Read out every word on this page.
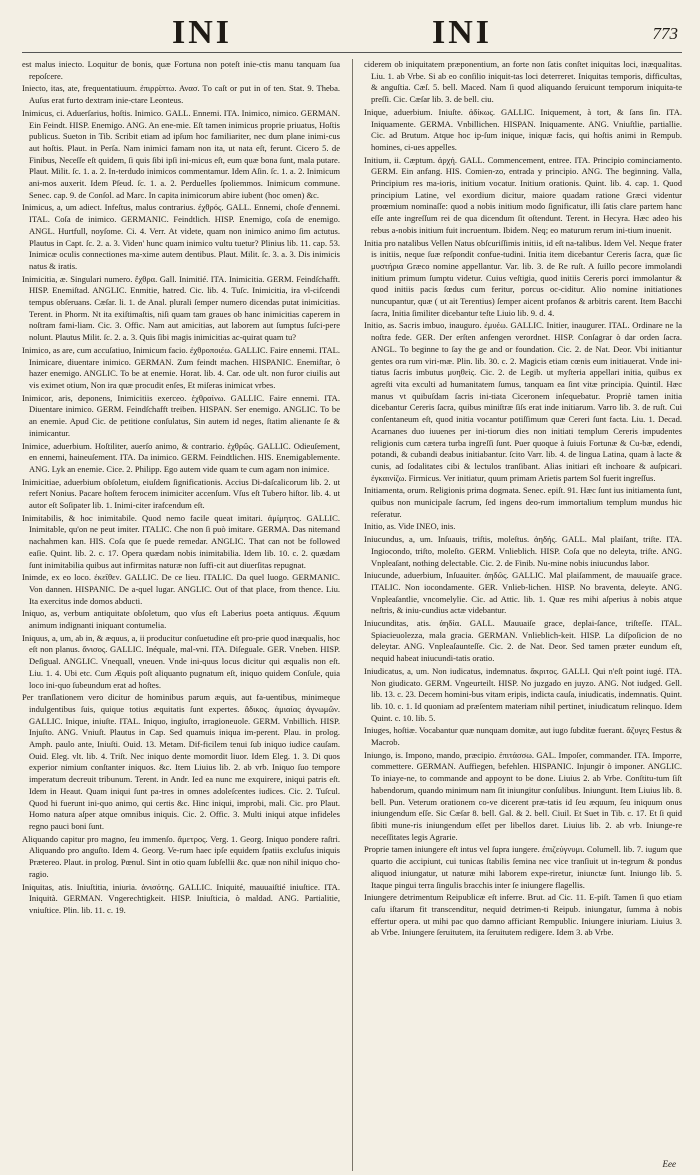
INI	INI	773

est malus iniecto. Loquitur de bonis, quæ Fortuna non poteſt inie-ctis manu tanquam ſua repoſcere.

Iniecto, itas, ate, frequentatiuum. ἐπιρρίπτω. Ανασ. Τo caſt or put in of ten. Stat. 9. Theba. Auſus erat furto dextram inie-ctare Leonteus.

Inimicus, ci. Aduerſarius, hoſtis. Inimico. GALL. Ennemi. ITA. Inimico, nimico. GERMAN. Ein Feindt. HISP. Enemigo. ANG. An ene-mie. Eſt tamen inimicus proprie priuatus, Hoſtis publicus. Sueton in Tib. Scribit etiam ad ipſum hoc familiariter, nec dum plane inimi-cus aut hoſtis. Plaut. in Perſa. Nam inimici famam non ita, ut nata eſt, ferunt. Cicero 5. de Finibus, Neceſſe eſt quidem, ſi quis ſibi ipſi ini-micus eſt, eum quæ bona ſunt, mala putare. Plaut. Milit. ſc. 1. a. 2. In-terdudo inimicos commentamur. Idem Aſin. ſc. 1. a. 2. Inimicum ani-mos auxerit. Idem Pſeud. ſc. 1. a. 2. Perduelles ſpoliemmos. Inimicum commune. Senec. cap. 9. de Conſol. ad Marc. In capita inimicorum abire iubent (hoc omen) &c.

Inimicus, a, um adiect. Infeſtus, malus contrarius. ἐχθρός. GALL. Ennemi, choſe d'ennemi. ITAL. Coſa de inimico. GERMANIC. Feindtlich. HISP. Enemigo, coſa de enemigo. ANGL. Hurtfull, noyſome. Ci. 4. Verr. At videte, quam non inimico animo ſim actutus. Plautus in Capt. ſc. 2. a. 3. Viden' hunc quam inimico vultu tuetur? Plinius lib. 11. cap. 53. Inimicæ oculis connectiones ma-xime autem dentibus. Plaut. Milit. ſc. 3. a. 3. Dis inimicis natus & iratis.

Inimicitia, æ. Singulari numero. ἔχθρα. Gall. Inimitié. ITA. Inimicitia. GERM. Feindſchafft. HISP. Enemiſtad. ANGLIC. Enmitie, hatred. Cic. lib. 4. Tuſc. Inimicitia, ira vl-ciſcendi tempus obſeruans. Cæſar. li. 1. de Anal. plurali ſemper numero dicendas putat inimicitias. Terent. in Phorm. Nt ita exiſtimaſtis, niſi quam tam graues ob hanc inimicitias caperem in noſtram fami-liam. Cic. 3. Offic. Nam aut amicitias, aut laborem aut ſumptus ſuſci-pere nolunt. Plautus Milit. ſc. 2. a. 3. Quis ſibi magis inimicitias ac-quirat quam tu?

Inimico, as are, cum accuſatiuo, Inimicum facio. ἐχθροποιέω. GALLIC. Faire ennemi. ITAL. Inimicare, diuentare inimico. GERMAN. Zum feindt machen. HISPANIC. Enemiſtar, ò hazer enemigo. ANGLIC. To be at enemie. Horat. lib. 4. Car. ode ult. non furor ciuilis aut vis eximet otium, Non ira quæ procudit enſes, Et miſeras inimicat vrbes.

Inimicor, aris, deponens, Inimicitiis exerceo. ἐχθραίνω. GALLIC. Faire ennemi. ITA. Diuentare inimico. GERM. Feindſchafft treiben. HISPAN. Ser enemigo. ANGLIC. To be an enemie. Apud Cic. de petitione conſulatus, Sin autem id neges, ſtatim alienante ſe & inimicantur.

Inimice, aduerbium. Hoſtiliter, auerſo animo, & contrario. ἐχθρῶς. GALLIC. Odieuſement, en ennemi, haineuſement. ITA. Da inimico. GERM. Feindtlichen. HIS. Enemigablemente. ANG. Lyk an enemie. Cice. 2. Philipp. Ego autem vide quam te cum agam non inimice.

Inimicitiae, aduerbium obſoletum, eiuſdem ſignificationis. Accius Di-daſcalicorum lib. 2. ut refert Nonius. Pacare hoſtem ferocem inimiciter accenſum. Vſus eſt Tubero hiſtor. lib. 4. ut autor eſt Soſipater lib. 1. Inimi-citer irafcendum eſt.

Inimitabilis, & hoc inimitabile. Quod nemo facile queat imitari. ἀμίμητος. GALLIC. Inimitable, qu'on ne peut imiter. ITALIC. Che non ſi può imitare. GERMA. Das nitemand nachahmen kan. HIS. Coſa que ſe puede remedar. ANGLIC. That can not be followed eaſie. Quint. lib. 2. c. 17. Opera quædam nobis inimitabilia. Idem lib. 10. c. 2. quædam ſunt inimitabilia quibus aut infirmitas naturæ non ſuffi-cit aut diuerſitas repugnat.

Inimde, ex eo loco. ἐκεῖθεν. GALLIC. De ce lieu. ITALIC. Da quel luogo. GERMANIC. Von dannen. HISPANIC. De a-quel lugar. ANGLIC. Out of that place, from thence. Liu. Ita exercitus inde domos abducti.

Iniquo, as, verbum antiquitate obſoletum, quo vſus eſt Laberius poeta antiquus. Æquum animum indignanti iniquant contumelia.

Iniquus, a, um, ab in, & æquus, a, ii producitur conſuetudine eſt pro-prie quod inæqualis, hoc eſt non planus. ἄνισος. GALLIC. Inéquale, mal-vni. ITA. Diſeguale. GER. Vneben. HISP. Deſigual. ANGLIC. Vnequall, vneuen. Vnde ini-quus locus dicitur qui æqualis non eſt. Liu. 1. 4. Ubi etc. Cum Æquis poſt aliquanto pugnatum eſt, iniquo quidem Conſule, quia loco ini-quo ſubeundum erat ad hoſtes.

Per tranſlationem vero dicitur de hominibus parum æquis, aut fa-uentibus, minimeque indulgentibus ſuis, quique totius æquitatis ſunt expertes. ἄδικος. ἀμιαίας ἀγνωμῶν. GALLIC. Inique, iniuſte. ITAL. Iniquo, ingiuſto, irragioneuole. GERM. Vnbillich. HISP. Injuſto. ANG. Vniuſt. Plautus in Cap. Sed quamuis iniqua im-perent. Plau. in prolog. Amph. paulo ante, Iniuſti. Ouid. 13. Metam. Dif-ficilem tenui ſub iniquo iudice cauſam. Ouid. Eleg. vlt. lib. 4. Triſt. Nec iniquo dente momordit liuor. Idem Eleg. 1. 3. Di quos experior nimium conſtanter iniquos. &c. Item Liuius lib. 2. ab vrb. Iniquo ſuo tempore imperatum decreuit tribunum. Terent. in Andr. Ied ea nunc me exquirere, iniqui patris eſt. Idem in Heaut. Quam iniqui ſunt pa-tres in omnes adoleſcentes iudices. Cic. 2. Tuſcul. Quod hi fuerunt ini-quo animo, qui certis &c. Hinc iniqui, improbi, mali. Cic. pro Plaut. Homo natura aſper atque omnibus iniquis. Cic. 2. Offic. 3. Multi iniqui atque infideles regno pauci boni ſunt.

Aliquando capitur pro magno, ſeu immenſo. ἄμετρος. Verg. 1. Georg. Iniquo pondere raſtri. Aliquando pro anguſto. Idem 4. Georg. Ve-rum haec ipſe equidem ſpatiis excluſus iniquis Prætereo. Plaut. in prolog. Pœnul. Sint in otio quam ſubſellii &c. quæ non nihil iniquo cho-ragio.

Iniquitas, atis. Iniuſtitia, iniuria. ἀνισότης. GALLIC. Iniquité, mauuaiſtié iniuſtice. ITA. Iniquità. GERMAN. Vngerechtigkeit. HISP. Iniuſticia, ò maldad. ANG. Partialitie, vniuſtice. Plin. lib. 11. c. 19.

ciderem ob iniquitatem præponentium, an forte non ſatis conſtet iniquitas loci, inæqualitas. Liu. 1. ab Vrbe. Si ab eo conſilio iniquit-tas loci deterreret. Iniquitas temporis, difficultas, & anguſtia. Cæſ. 5. bell. Maced. Nam ſi quod aliquando ſeruicunt temporum iniquita-te preſſi. Cic. Cæſar lib. 3. de bell. ciu.

Inique, aduerbium. Iniuſte. ἀδίκως. GALLIC. Iniquement, à tort, & ſans ſin. ITA. Iniquamente. GERMA. Vnbillichen. HISPAN. Iniquamente. ANG. Vniuſtlie, partiallie. Cic. ad Brutum. Atque hoc ip-ſum inique, iniquæ facis, qui hoſtis animi in Rempub. homines, ci-ues appelles.

Initium, ii. Cæptum. ἀρχή. GALL. Commencement, entree. ITA. Principio cominciamento. GERM. Ein anfang. HIS. Comien-zo, entrada y principio. ANG. The beginning. Valla, Principium res ma-ioris, initium vocatur. Initium orationis. Quint. lib. 4. cap. 1. Quod principium Latine, vel exordium dicitur, maiore quadam ratione Græci videntur proœmium nominaſſe: quod a nobis initium modo ſignificatur, illi ſatis clare partem hanc eſſe ante ingreſſum rei de qua dicendum ſit oſtendunt. Terent. in Hecyra. Hæc adeo his rebus a-nobis initium fuit incruentum. Ibidem. Neq; eo maturum rerum ini-tium inuenit.

Initia pro natalibus Vellen Natus obſcuriſſimis initiis, id eſt na-talibus. Idem Vel. Neque frater is initiis, neque ſuæ reſpondit confue-tudini. Initia item dicebantur Cereris ſacra, quæ ſic μυστήρια Græco nomine appellantur. Var. lib. 3. de Re ruſt. A ſuillo pecore immolandi initium primum ſumptu videtur. Cuius veſtigia, quod initiis Cereris porci immolantur & quod initiis pacis ſœdus cum feritur, porcus oc-ciditur. Alio nomine initiationes nuncupantur, quæ ( ut ait Terentius) ſemper aicent profanos & arbitris carent. Item Bacchi ſacra, Initia ſimiliter dicebantur teſte Liuio lib. 9. d. 4.

Initio, as. Sacris imbuo, inauguro. ἐμυέω. GALLIC. Initier, inaugurer. ITAL. Ordinare ne la noſtra fede. GER. Der erſten anfengen verordnet. HISP. Conſagrar ò dar orden ſacra. ANGL. To beginne to ſay the ge and or foundation. Cic. 2. de Nat. Deor. Vbi initiantur gentes ora rum viri-mæ. Plin. lib. 30. c. 2. Magicis etiam cœnis eum initiauerat. Vnde ini-tiatus ſacris imbutus μυηθεὶς. Cic. 2. de Legib. ut myſteria appellari initia, quibus ex agreſti vita exculti ad humanitatem ſumus, tanquam ea ſint vitæ principia. Quintil. Hæc manus vt quibuſdam ſacris ini-tiata Ciceronem inſequebatur. Propriè tamen initia dicebantur Cereris ſacra, quibus miniſtræ ſiſs erat inde initiarum. Varro lib. 3. de ruſt. Cui conſentaneum eſt, quod initia vocantur potiſſimum quæ Cereri ſunt facta. Liu. 1. Decad. Acarnanes duo iuuenes per ini-tiorum dies non initiati templum Cereris impudentes religionis cum cætera turba ingreſſi ſunt. Puer quoque à ſuiuis Fortunæ & Cu-bæ, edendi, potandi, & cubandi deabus initiabantur. ſcito Varr. lib. 4. de lingua Latina, quam à lacte & cunis, ad ſodalitates cibi & lectulos tranſibant. Alias initiari eſt inchoare & auſpicari. ἐγκαινίζω. Firmicus. Ver initiatur, quum primam Arietis partem Sol fuerit ingreſſus.

Initiamenta, orum. Religionis prima dogmata. Senec. epiſt. 91. Hæc ſunt ius initiamenta ſunt, quibus non municipale ſacrum, ſed ingens deo-rum immortalium templum mundus hic reſeratur.

Initio, as. Vide INEO, inis.

Iniucundus, a, um. Inſuauis, triſtis, moleſtus. ἀηδής. GALL. Mal plaiſant, triſte. ITA. Ingiocondo, triſto, moleſto. GERM. Vnlieblich. HISP. Coſa que no deleyta, triſte. ANG. Vnpleaſant, nothing delectable. Cic. 2. de Finib. Nu-mine nobis iniucundus labor.

Iniucunde, aduerbium, Inſuauiter. ἀηδῶς. GALLIC. Mal plaiſamment, de mauuaiſe grace. ITALIC. Non iocondamente. GER. Vnlieb-lichen. HISP. No braventa, deleyte. ANG. Vnpleaſantlie, vncomelylie. Cic. ad Attic. lib. 1. Quæ res mihi aſperius à nobis atque neſtris, & iniu-cundius actæ videbantur.

Iniucunditas, atis. ἀηδία. GALL. Mauuaiſe grace, deplai-ſance, triſteſſe. ITAL. Spiacieuolezza, mala gracia. GERMAN. Vnlieblich-keit. HISP. La diſpoſicion de no deleytar. ANG. Vnpleaſaunteſſe. Cic. 2. de Nat. Deor. Sed tamen præter eundum eſt, nequid habeat iniucundi-tatis oratio.

Iniudicatus, a, um. Non iudicatus, indemnatus. ἄκριτος. GALLI. Qui n'eſt point iugé. ITA. Non giudicato. GERM. Vngeurteilt. HISP. No juzgado en juyzo. ANG. Not iudged. Gell. lib. 13. c. 23. Decem homini-bus vitam eripis, indicta cauſa, iniudicatis, indemnatis. Quint. lib. 10. c. 1. Id quoniam ad præſentem materiam nihil pertinet, iniudicatum relinquo. Idem Quint. c. 10. lib. 5.

Iniuges, hoſtiæ. Vocabantur quæ nunquam domitæ, aut iugo ſubditæ fuerant. ἄζυγες Festus & Macrob.

Iniungo, is. Impono, mando, præcipio. ἐπιτάσσω. GAL. Impoſer, commander. ITA. Imporre, commettere. GERMAN. Auffiegen, befehlen. HISPANIC. Injungir ò imponer. ANGLIC. To iniaye-ne, to commande and appoynt to be done. Liuius 2. ab Vrbe. Conſtitu-tum ſiſt habendorum, quando minimum nam ſit iniungitur conſulibus. Iniungunt. Item Liuius lib. 8. bell. Pun. Veterum orationem co-ve dicerent præ-tatis id ſeu æquum, ſeu iniquum onus iniungendum eſſe. Sic Cæſar 8. bell. Gal. & 2. bell. Ciuil. Et Suet in Tib. c. 17. Et ſi quid ſibiti mune-ris iniungendum eſſet per libellos daret. Liuius lib. 2. ab vrb. Iniunge-re neceſſitates legis Agrarie.

Proprie tamen iniungere eſt intus vel ſupra iungere. ἐπιζεύγνυμι. Columell. lib. 7. iugum que quarto die accipiunt, cui tunicas ſtabilis ſemina nec vice tranſiuit ut in-tegrum & pondus aliquod iniungatur, ut naturæ mihi laborem expe-riretur, iniunctæ ſunt. Iniungo lib. 5. Itaque pingui terra ſingulis bracchis inter ſe iniungere flagellis.

Iniungere detrimentum Reipublicæ eſt inferre. Brut. ad Cic. 11. E-piſt. Tamen ſi quo etiam caſu iſtarum fit transcenditur, nequid detrimen-ti Reipub. iniungatur, ſumma à nobis effertur opera. ut mihi pac quo damno afficiant Rempublic. Iniungere iniuriam. Liuius 3. ab Vrbe. Iniungere ſeruitutem, ita ſeruitutem redigere. Idem 3. ab Vrbe.

Eee
